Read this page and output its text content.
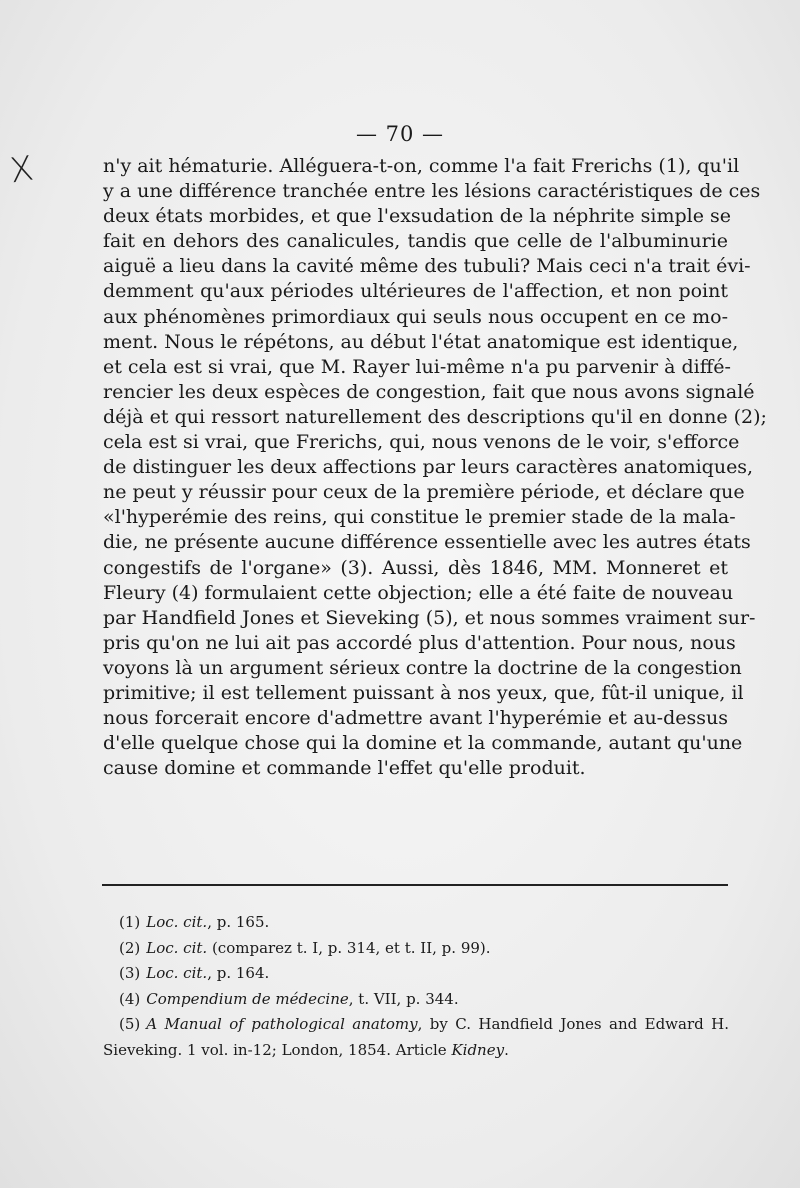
— 70 —
X	n'y ait hématurie. Alléguera-t-on, comme l'a fait Frerichs (1), qu'il
y a une différence tranchée entre les lésions caractéristiques de ces
deux états morbides, et que l'exsudation de la néphrite simple se
fait en dehors des canalicules, tandis que celle de l'albuminurie
aiguë a lieu dans la cavité même des tubuli? Mais ceci n'a trait évi-
demment qu'aux périodes ultérieures de l'affection, et non point
aux phénomènes primordiaux qui seuls nous occupent en ce mo-
ment. Nous le répétons, au début l'état anatomique est identique,
et cela est si vrai, que M. Rayer lui-même n'a pu parvenir à diffé-
rencier les deux espèces de congestion, fait que nous avons signalé
déjà et qui ressort naturellement des descriptions qu'il en donne (2);
cela est si vrai, que Frerichs, qui, nous venons de le voir, s'efforce
de distinguer les deux affections par leurs caractères anatomiques,
ne peut y réussir pour ceux de la première période, et déclare que
«l'hyperémie des reins, qui constitue le premier stade de la mala-
die, ne présente aucune différence essentielle avec les autres états
congestifs de l'organe» (3). Aussi, dès 1846, MM. Monneret et
Fleury (4) formulaient cette objection; elle a été faite de nouveau
par Handfield Jones et Sieveking (5), et nous sommes vraiment sur-
pris qu'on ne lui ait pas accordé plus d'attention. Pour nous, nous
voyons là un argument sérieux contre la doctrine de la congestion
primitive; il est tellement puissant à nos yeux, que, fût-il unique, il
nous forcerait encore d'admettre avant l'hyperémie et au-dessus
d'elle quelque chose qui la domine et la commande, autant qu'une
cause domine et commande l'effet qu'elle produit.
(1) Loc. cit., p. 165.
(2) Loc. cit. (comparez t. I, p. 314, et t. II, p. 99).
(3) Loc. cit., p. 164.
(4) Compendium de médecine, t. VII, p. 344.
(5) A Manual of pathological anatomy, by C. Handfield Jones and Edward H.
Sieveking. 1 vol. in-12; London, 1854. Article Kidney.
